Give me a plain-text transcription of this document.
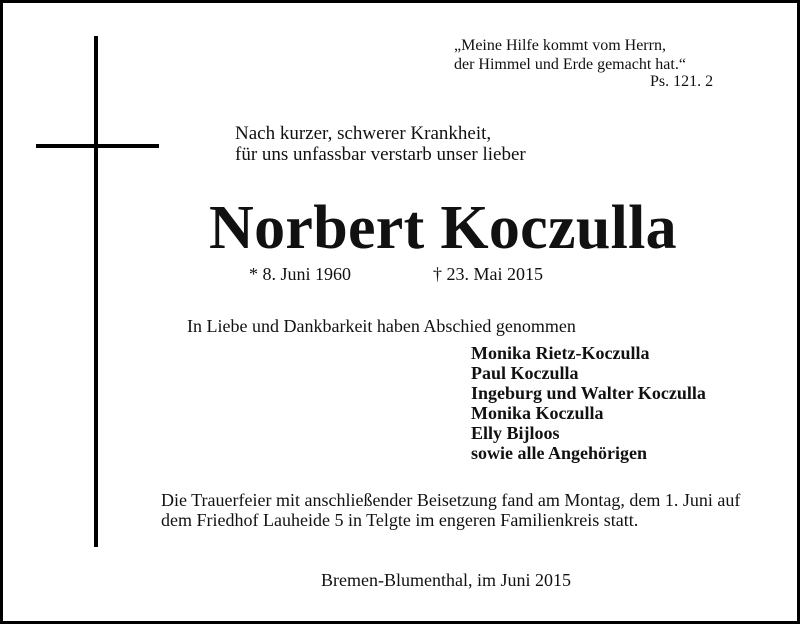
„Meine Hilfe kommt vom Herrn,
der Himmel und Erde gemacht hat.“
Ps. 121. 2
Nach kurzer, schwerer Krankheit,
für uns unfassbar verstarb unser lieber
Norbert Koczulla
* 8. Juni 1960	† 23. Mai 2015
In Liebe und Dankbarkeit haben Abschied genommen
Monika Rietz-Koczulla
Paul Koczulla
Ingeburg und Walter Koczulla
Monika Koczulla
Elly Bijloos
sowie alle Angehörigen
Die Trauerfeier mit anschließender Beisetzung fand am Montag, dem 1. Juni auf dem Friedhof Lauheide 5 in Telgte im engeren Familienkreis statt.
Bremen-Blumenthal, im Juni 2015
